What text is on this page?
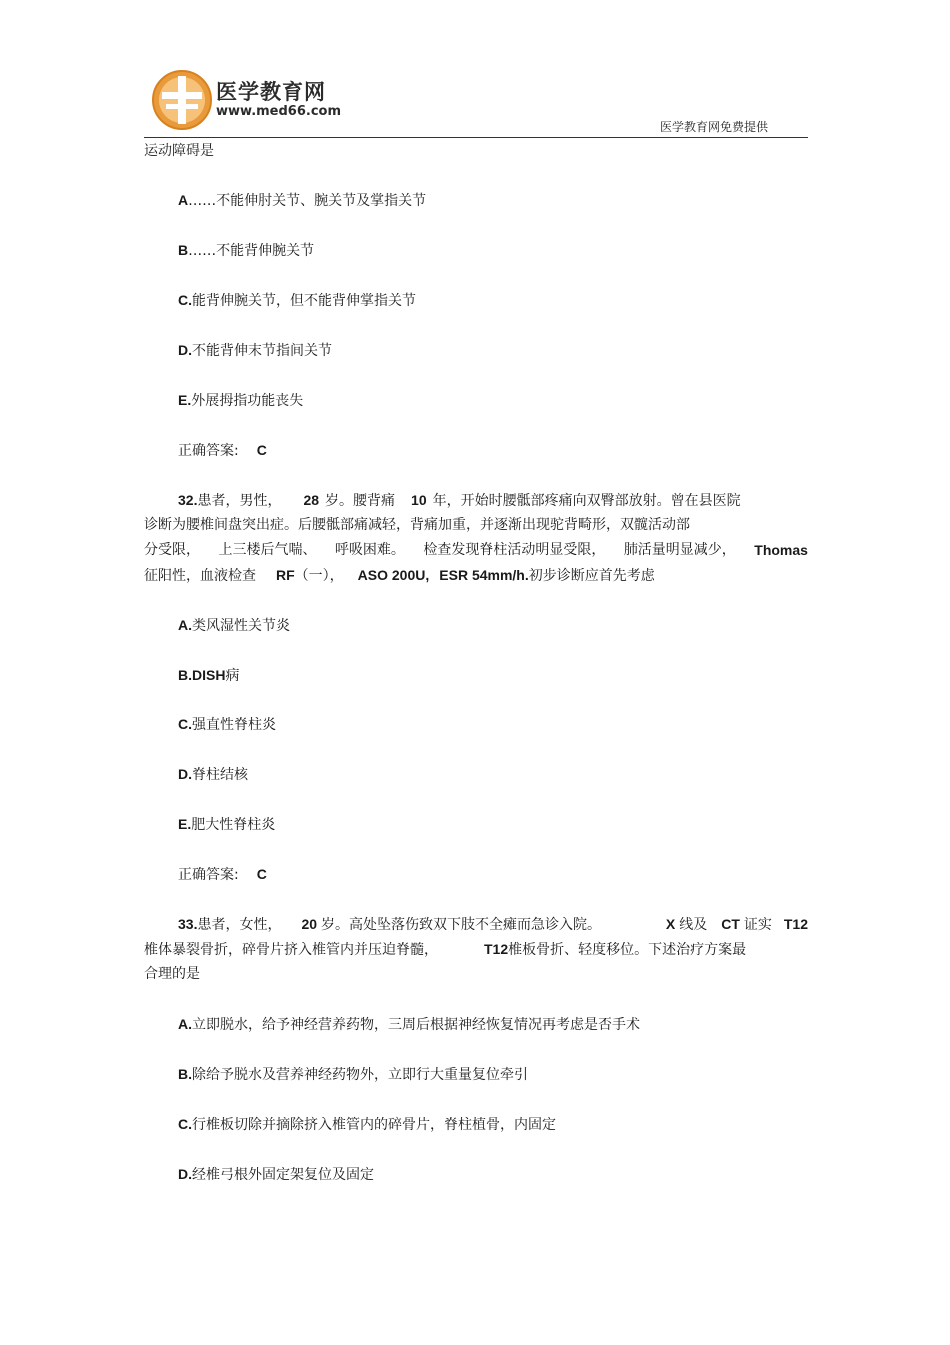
医学教育网
www.med66.com
医学教育网免费提供
运动障碍是
A……不能伸肘关节、腕关节及掌指关节
B……不能背伸腕关节
C.能背伸腕关节，但不能背伸掌指关节
D.不能背伸末节指间关节
E.外展拇指功能丧失
正确答案: C
32.患者，男性， 28 岁。腰背痛 10 年，开始时腰骶部疼痛向双臀部放射。曾在县医院
诊断为腰椎间盘突出症。后腰骶部痛减轻，背痛加重，并逐渐出现驼背畸形，双髋活动部
分受限， 上三楼后气喘、 呼吸困难。 检查发现脊柱活动明显受限， 肺活量明显减少， Thomas
征阳性，血液检查 RF（一）， ASO 200U, ESR 54mm/h.初步诊断应首先考虑
A.类风湿性关节炎
B.DISH病
C.强直性脊柱炎
D.脊柱结核
E.肥大性脊柱炎
正确答案: C
33.患者，女性， 20 岁。高处坠落伤致双下肢不全瘫而急诊入院。	X 线及 CT 证实 T12
椎体暴裂骨折，碎骨片挤入椎管内并压迫脊髓，	T12椎板骨折、轻度移位。下述治疗方案最
合理的是
A.立即脱水，给予神经营养药物，三周后根据神经恢复情况再考虑是否手术
B.除给予脱水及营养神经药物外，立即行大重量复位牵引
C.行椎板切除并摘除挤入椎管内的碎骨片，脊柱植骨，内固定
D.经椎弓根外固定架复位及固定
